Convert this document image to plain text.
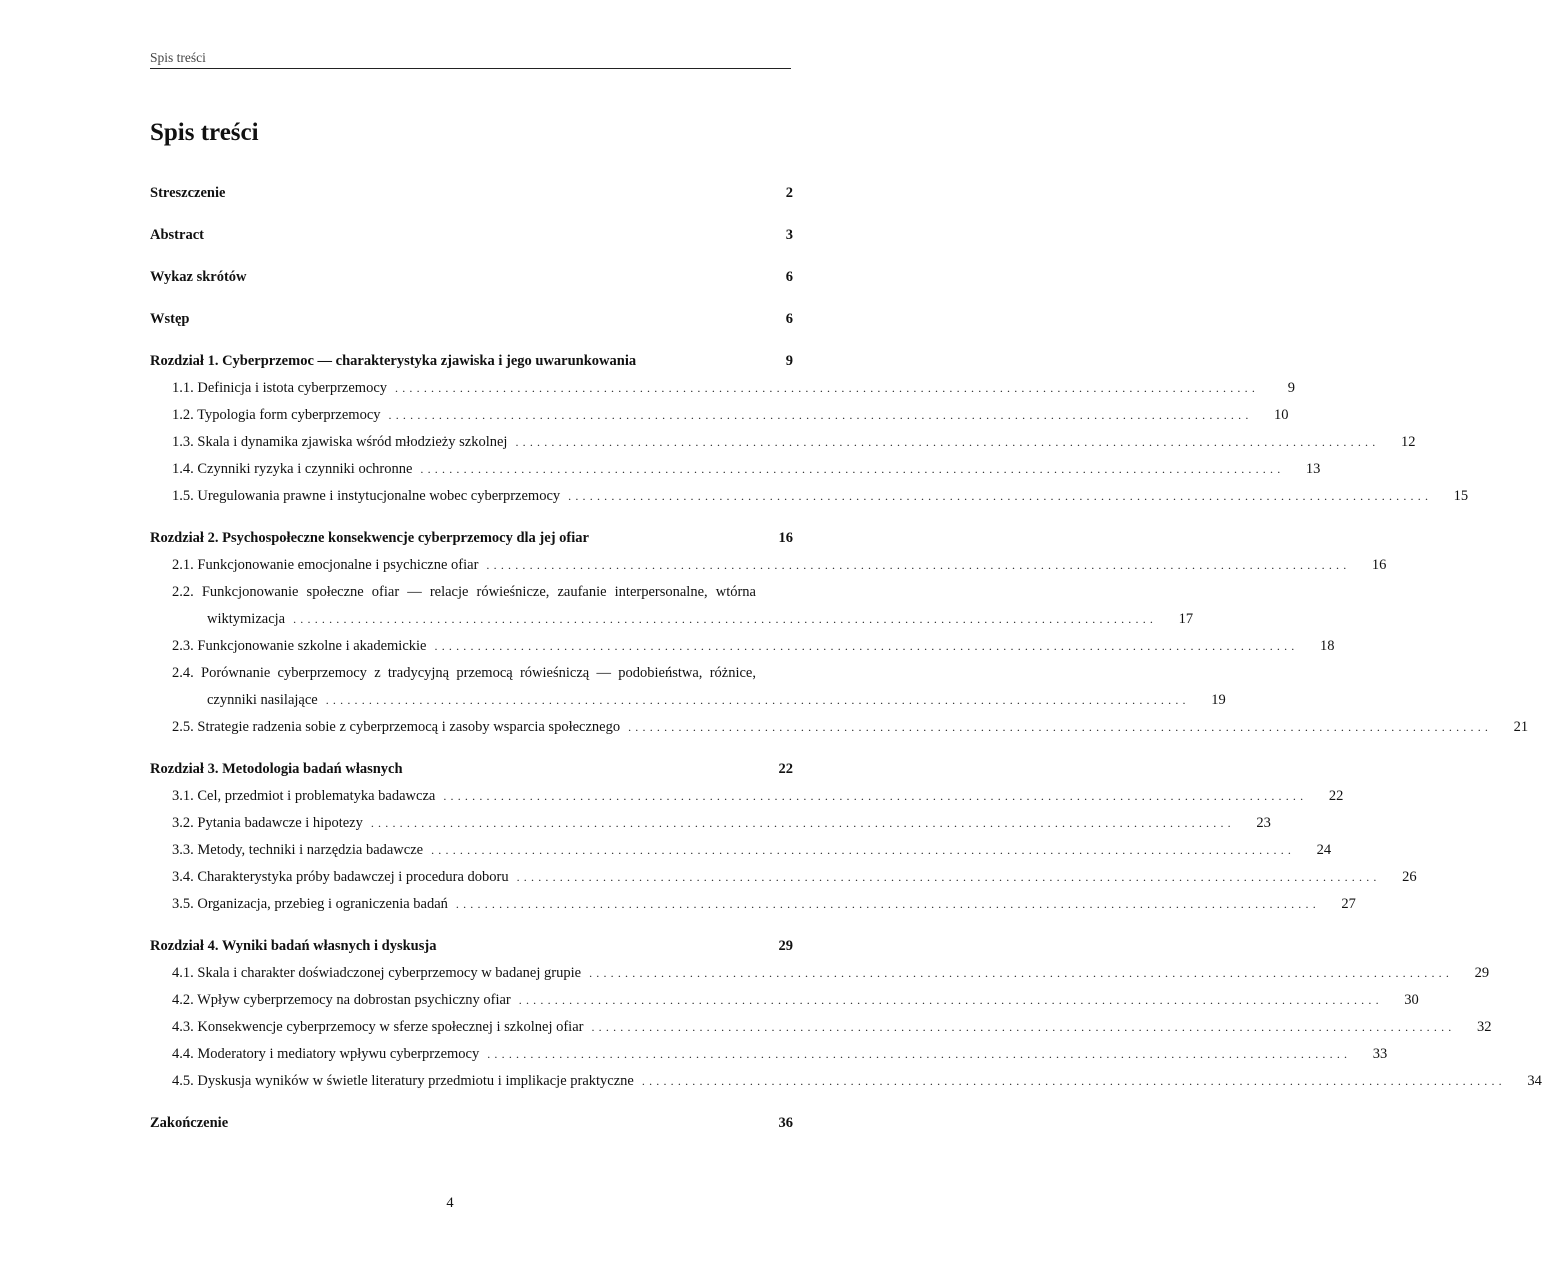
Spis treści
Spis treści
Streszczenie	2
Abstract	3
Wykaz skrótów	6
Wstęp	6
Rozdział 1. Cyberprzemoc — charakterystyka zjawiska i jego uwarunkowania	9
1.1. Definicja i istota cyberprzemocy ........................................................................................................................	9
1.2. Typologia form cyberprzemocy ........................................................................................................................	10
1.3. Skala i dynamika zjawiska wśród młodzieży szkolnej ........................................................................................................................	12
1.4. Czynniki ryzyka i czynniki ochronne ........................................................................................................................	13
1.5. Uregulowania prawne i instytucjonalne wobec cyberprzemocy ........................................................................................................................	15
Rozdział 2. Psychospołeczne konsekwencje cyberprzemocy dla jej ofiar	16
2.1. Funkcjonowanie emocjonalne i psychiczne ofiar ........................................................................................................................	16
2.2. Funkcjonowanie społeczne ofiar — relacje rówieśnicze, zaufanie interpersonalne, wtórna
wiktymizacja ........................................................................................................................	17
2.3. Funkcjonowanie szkolne i akademickie ........................................................................................................................	18
2.4. Porównanie cyberprzemocy z tradycyjną przemocą rówieśniczą — podobieństwa, różnice,
czynniki nasilające ........................................................................................................................	19
2.5. Strategie radzenia sobie z cyberprzemocą i zasoby wsparcia społecznego ........................................................................................................................	21
Rozdział 3. Metodologia badań własnych	22
3.1. Cel, przedmiot i problematyka badawcza ........................................................................................................................	22
3.2. Pytania badawcze i hipotezy ........................................................................................................................	23
3.3. Metody, techniki i narzędzia badawcze ........................................................................................................................	24
3.4. Charakterystyka próby badawczej i procedura doboru ........................................................................................................................	26
3.5. Organizacja, przebieg i ograniczenia badań ........................................................................................................................	27
Rozdział 4. Wyniki badań własnych i dyskusja	29
4.1. Skala i charakter doświadczonej cyberprzemocy w badanej grupie ........................................................................................................................	29
4.2. Wpływ cyberprzemocy na dobrostan psychiczny ofiar ........................................................................................................................	30
4.3. Konsekwencje cyberprzemocy w sferze społecznej i szkolnej ofiar ........................................................................................................................	32
4.4. Moderatory i mediatory wpływu cyberprzemocy ........................................................................................................................	33
4.5. Dyskusja wyników w świetle literatury przedmiotu i implikacje praktyczne ........................................................................................................................	34
Zakończenie	36
4
